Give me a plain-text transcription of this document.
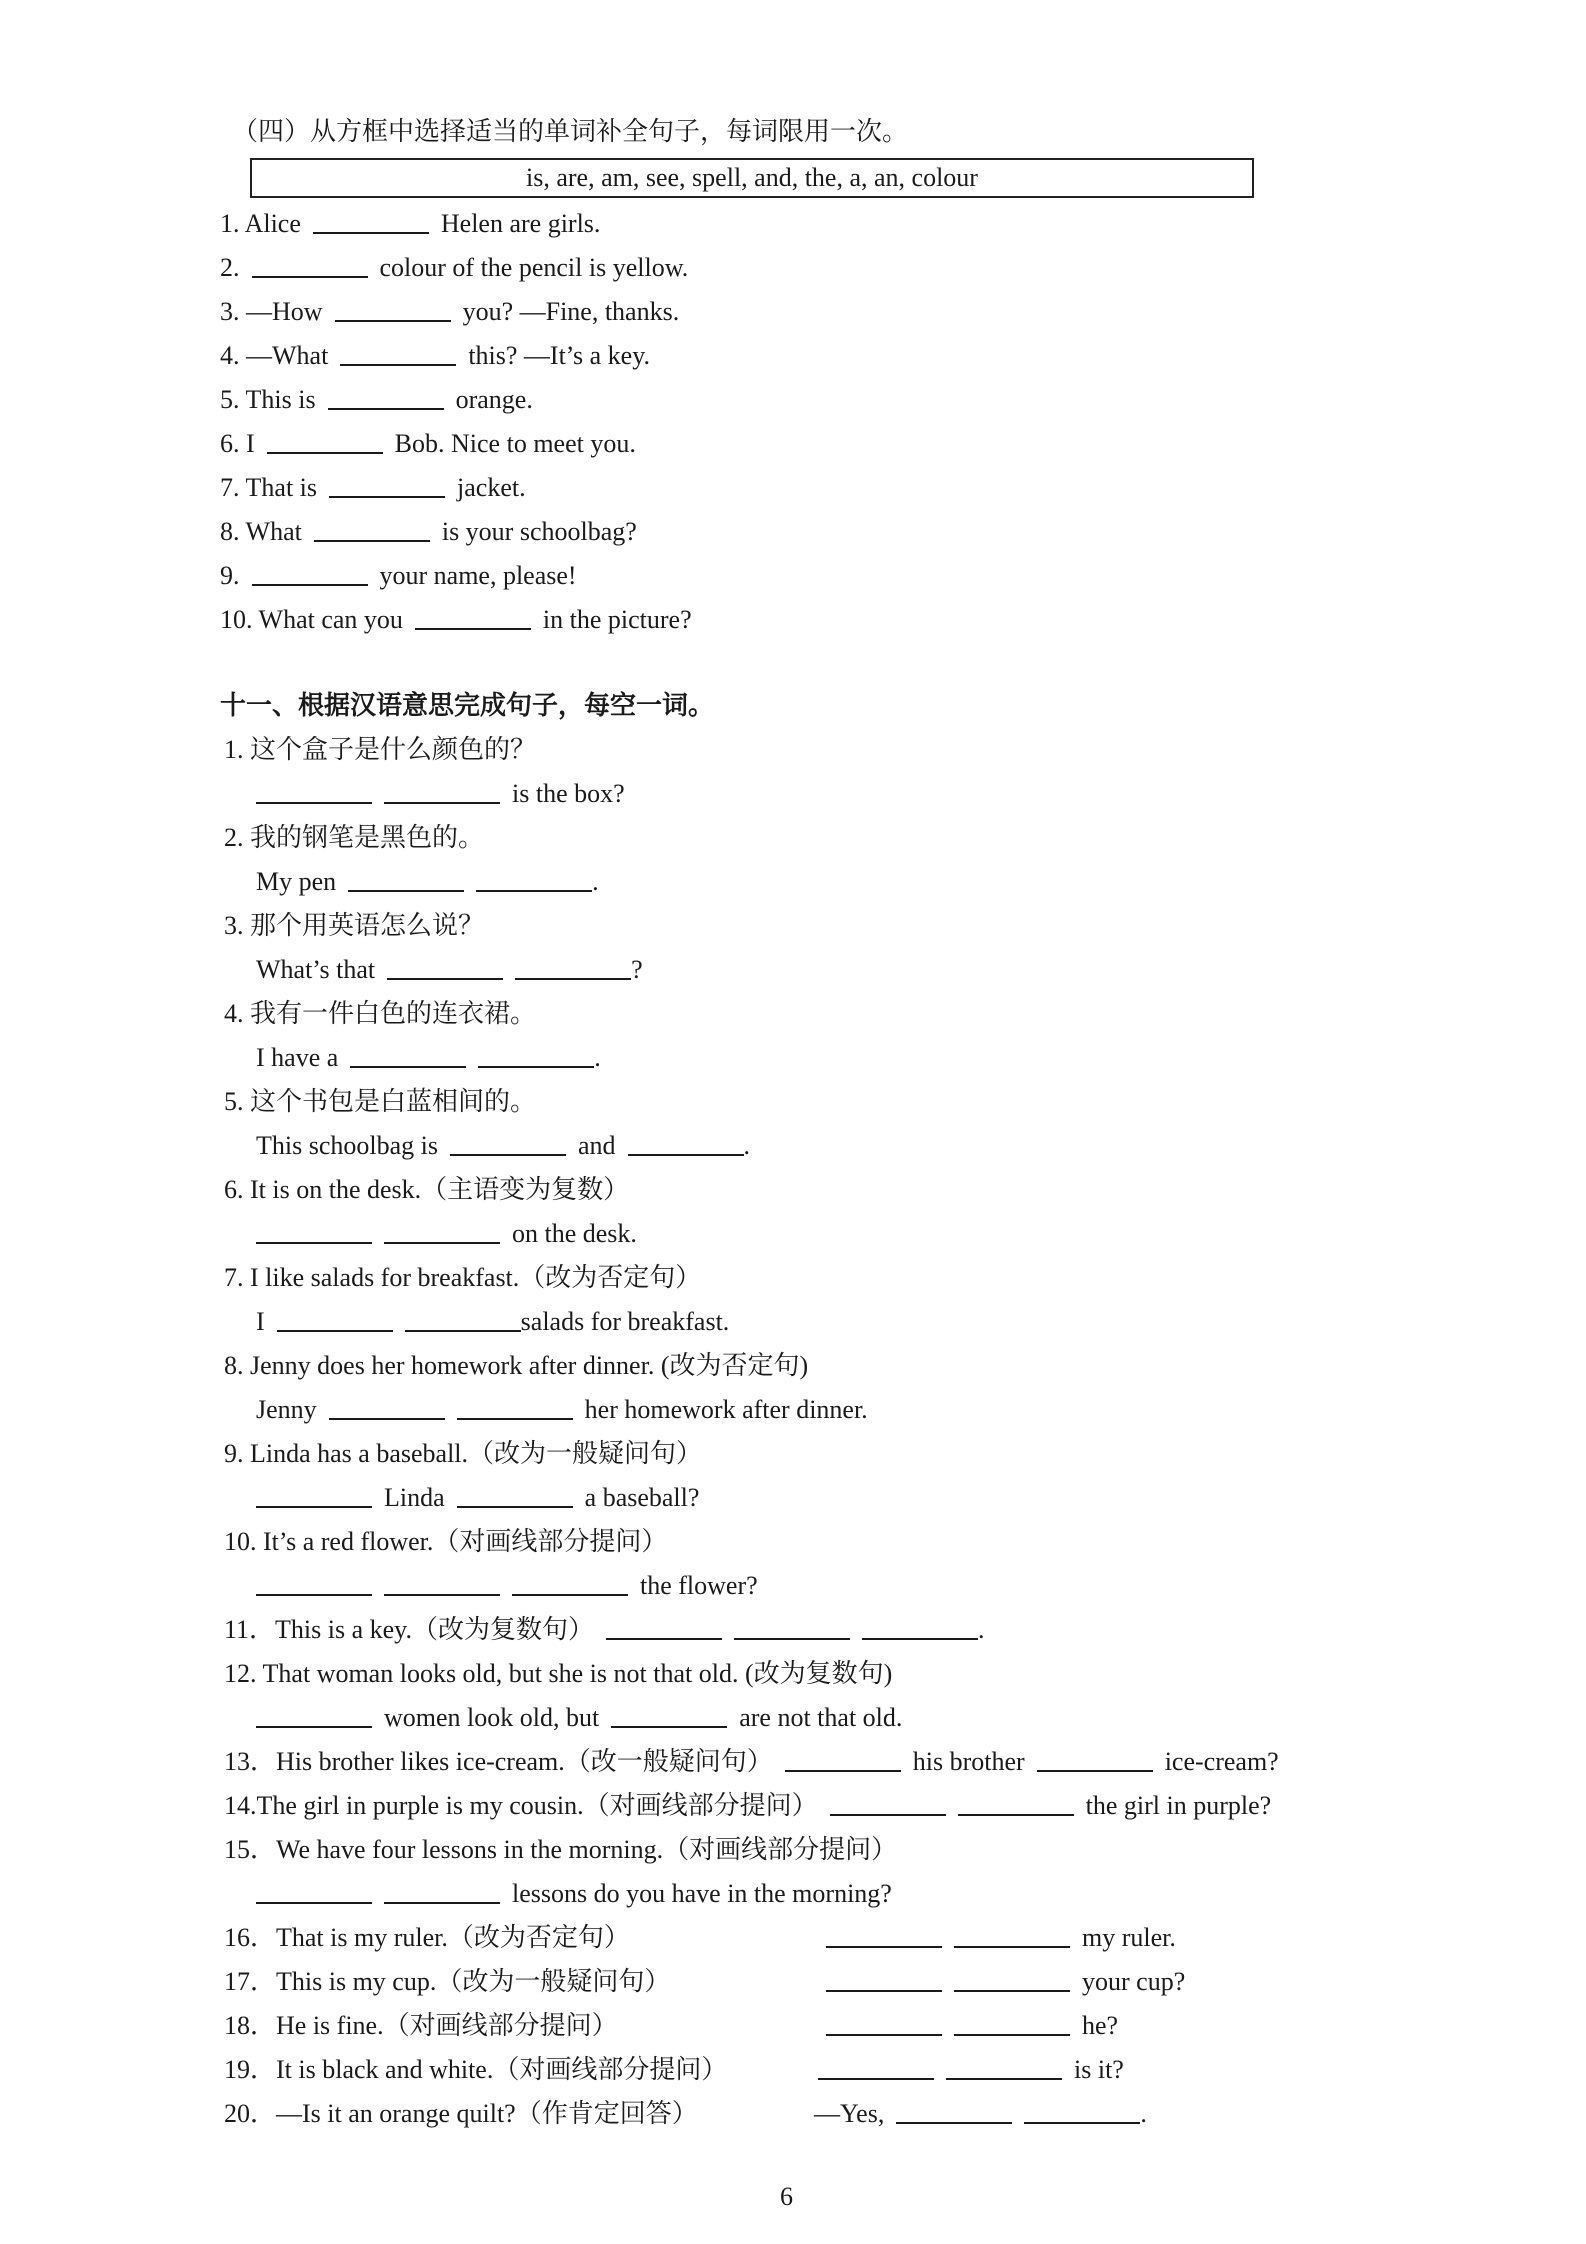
（四）从方框中选择适当的单词补全句子，每词限用一次。
is, are, am, see, spell, and, the, a, an, colour
1. Alice	Helen are girls.
2.	colour of the pencil is yellow.
3. —How	you? —Fine, thanks.
4. —What	this? —It’s a key.
5. This is	orange.
6. I	Bob. Nice to meet you.
7. That is	jacket.
8. What	is your schoolbag?
9.	your name, please!
10. What can you	in the picture?
十一、根据汉语意思完成句子，每空一词。
1. 这个盒子是什么颜色的？
is the box?
2. 我的钢笔是黑色的。
My pen	.
3. 那个用英语怎么说？
What’s that	?
4. 我有一件白色的连衣裙。
I have a	.
5. 这个书包是白蓝相间的。
This schoolbag is	and	.
6. It is on the desk.（主语变为复数）
on the desk.
7. I like salads for breakfast.（改为否定句）
I	salads for breakfast.
8. Jenny does her homework after dinner. (改为否定句)
Jenny	her homework after dinner.
9. Linda has a baseball.（改为一般疑问句）
Linda	a baseball?
10. It’s a red flower.（对画线部分提问）
the flower?
11．This is a key.（改为复数句）	.
12. That woman looks old, but she is not that old. (改为复数句)
women look old, but	are not that old.
13．His brother likes ice-cream.（改一般疑问句）	his brother	ice-cream?
14.The girl in purple is my cousin.（对画线部分提问）	the girl in purple?
15．We have four lessons in the morning.（对画线部分提问）
lessons do you have in the morning?
16．That is my ruler.（改为否定句）	my ruler.
17．This is my cup.（改为一般疑问句）	your cup?
18．He is fine.（对画线部分提问）	he?
19．It is black and white.（对画线部分提问）	is it?
20．—Is it an orange quilt?（作肯定回答）	—Yes,	.
6
